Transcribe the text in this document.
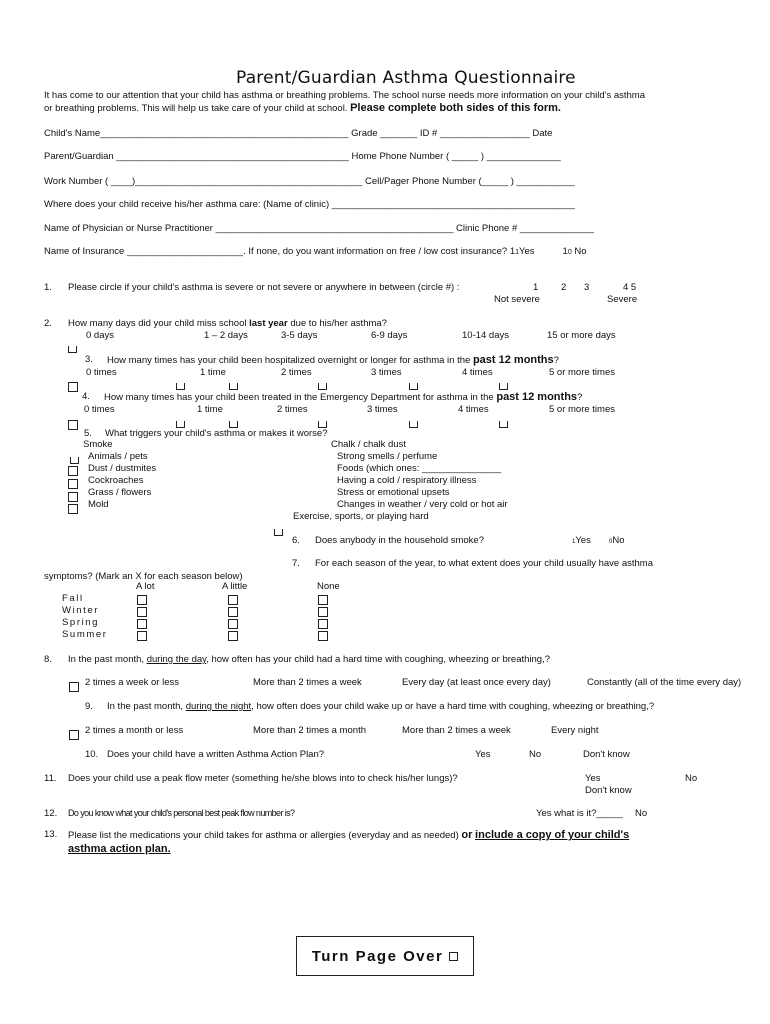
Parent/Guardian Asthma Questionnaire
It has come to our attention that your child has asthma or breathing problems. The school nurse needs more information on your child's asthma
or breathing problems. This will help us take care of your child at school. Please complete both sides of this form.
Child's Name_______________________________________________ Grade _______ ID # _________________ Date
Parent/Guardian ____________________________________________ Home Phone Number ( _____ ) ______________
Work Number ( ____)___________________________________________ Cell/Pager Phone Number (_____ ) ___________
Where does your child receive his/her asthma care: (Name of clinic) ______________________________________________
Name of Physician or Nurse Practitioner _____________________________________________ Clinic Phone # ______________
Name of Insurance ______________________. If none, do you want information on free / low cost insurance? 11Yes	10 No
1. Please circle if your child's asthma is severe or not severe or anywhere in between (circle #) :	1 2 3	4 5
Not severe	Severe
2. How many days did your child miss school last year due to his/her asthma?
0 days	1 – 2 days	3-5 days	6-9 days	10-14 days	15 or more days
3. How many times has your child been hospitalized overnight or longer for asthma in the past 12 months?
0 times	1 time	2 times	3 times	4 times	5 or more times
4. How many times has your child been treated in the Emergency Department for asthma in the past 12 months?
0 times	1 time	2 times	3 times	4 times	5 or more times
5. What triggers your child's asthma or makes it worse?
Smoke
Animals / pets
Dust / dustmites
Cockroaches
Grass / flowers
Mold
Chalk / chalk dust
Strong smells / perfume
Foods (which ones: _______________
Having a cold / respiratory illness
Stress or emotional upsets
Changes in weather / very cold or hot air
Exercise, sports, or playing hard
6. Does anybody in the household smoke?	1Yes	0No
7. For each season of the year, to what extent does your child usually have asthma
symptoms? (Mark an X for each season below)
A lot	A little	None
Fall
Winter
Spring
Summer
8. In the past month, during the day, how often has your child had a hard time with coughing, wheezing or breathing,?
2 times a week or less	More than 2 times a week	Every day (at least once every day)	Constantly (all of the time every day)
9. In the past month, during the night, how often does your child wake up or have a hard time with coughing, wheezing or breathing,?
2 times a month or less	More than 2 times a month	More than 2 times a week	Every night
10. Does your child have a written Asthma Action Plan?	Yes	No	Don't know
11. Does your child use a peak flow meter (something he/she blows into to check his/her lungs)?	Yes	No
Don't know
12. Do you know what your child's personal best peak flow number is?	Yes what is it?_____ No
13. Please list the medications your child takes for asthma or allergies (everyday and as needed) or include a copy of your child's
asthma action plan.
Turn Page Over
